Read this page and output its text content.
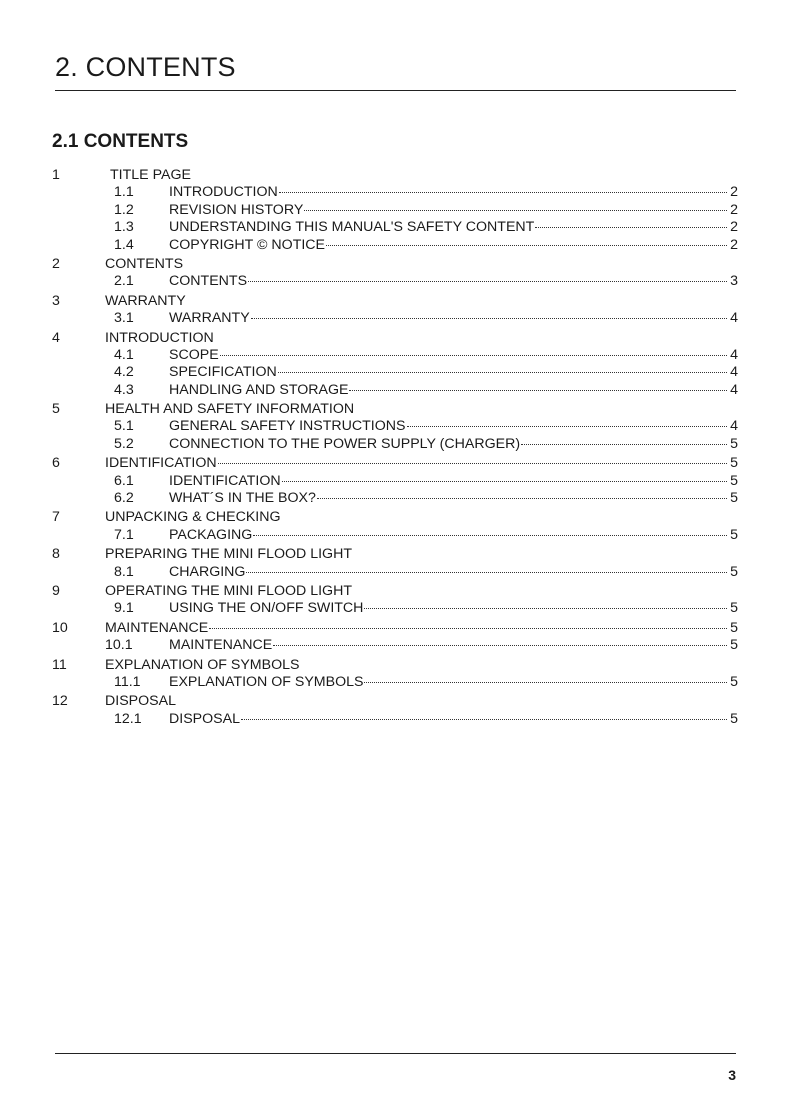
2. CONTENTS
2.1 CONTENTS
1	TITLE PAGE
1.1	INTRODUCTION	2
1.2	REVISION HISTORY	2
1.3	UNDERSTANDING THIS MANUAL'S SAFETY CONTENT	2
1.4	COPYRIGHT © NOTICE	2
2	CONTENTS
2.1	CONTENTS	3
3	WARRANTY
3.1	WARRANTY	4
4	INTRODUCTION
4.1	SCOPE	4
4.2	SPECIFICATION	4
4.3	HANDLING AND STORAGE	4
5	HEALTH AND SAFETY INFORMATION
5.1	GENERAL SAFETY INSTRUCTIONS	4
5.2	CONNECTION TO THE POWER SUPPLY (CHARGER)	5
6	IDENTIFICATION	5
6.1	IDENTIFICATION	5
6.2	WHAT´S IN THE BOX?	5
7	UNPACKING & CHECKING
7.1	PACKAGING	5
8	PREPARING THE MINI FLOOD LIGHT
8.1	CHARGING	5
9	OPERATING THE MINI FLOOD LIGHT
9.1	USING THE ON/OFF SWITCH	5
10	MAINTENANCE	5
10.1	MAINTENANCE	5
11	EXPLANATION OF SYMBOLS
11.1	EXPLANATION OF SYMBOLS	5
12	DISPOSAL
12.1	DISPOSAL	5
3
